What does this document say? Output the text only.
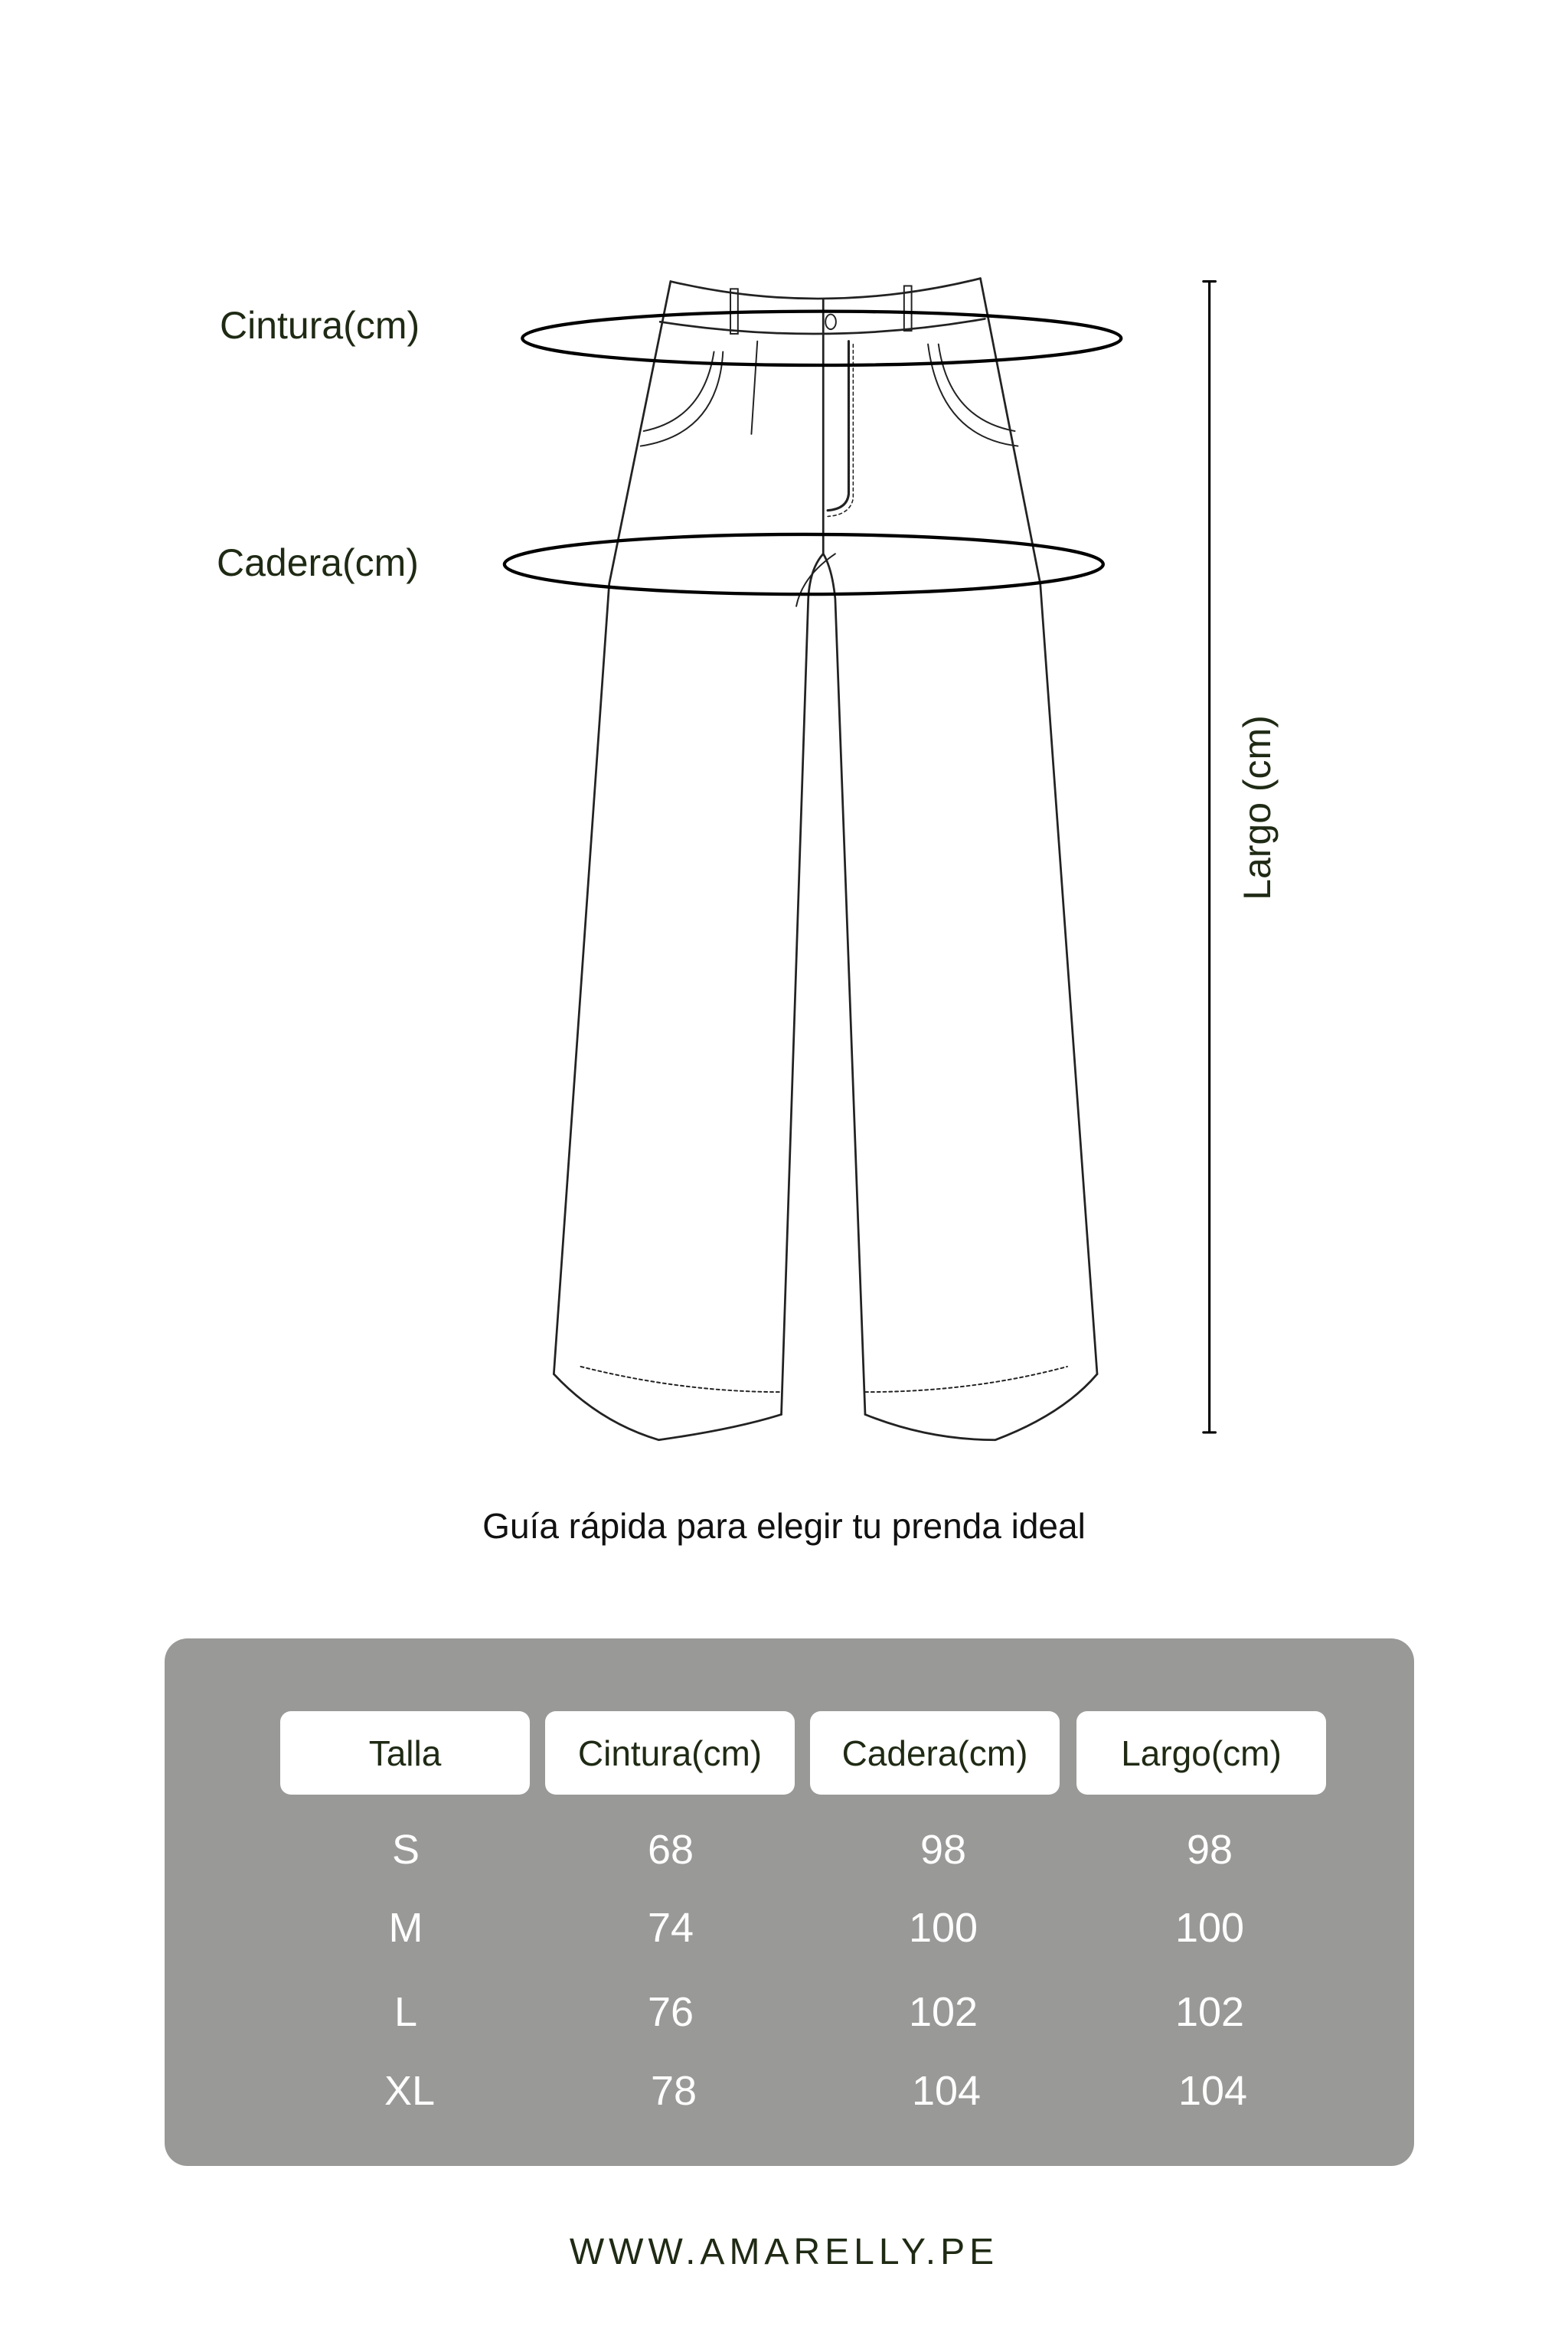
Cintura(cm)
Cadera(cm)
Largo (cm)
Guía rápida para elegir tu prenda ideal
Talla	Cintura(cm)	Cadera(cm)	Largo(cm)
S	68	98	98
M	74	100	100
L	76	102	102
XL	78	104	104
WWW.AMARELLY.PE
